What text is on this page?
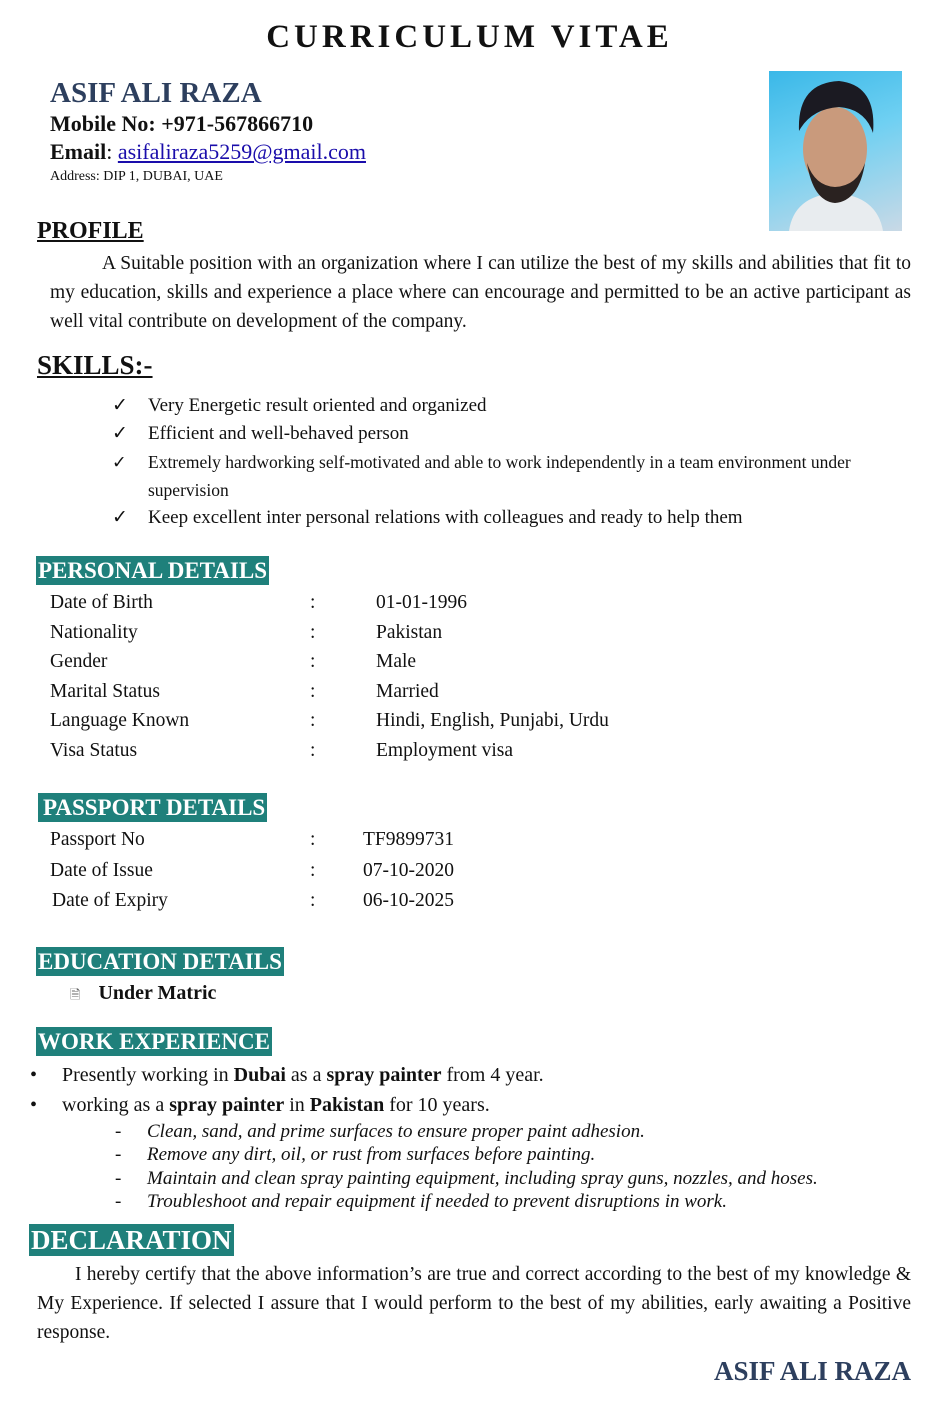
CURRICULUM VITAE
ASIF ALI RAZA
Mobile No: +971-567866710
Email: asifaliraza5259@gmail.com
Address: DIP 1, DUBAI, UAE
PROFILE
A Suitable position with an organization where I can utilize the best of my skills and abilities that fit to my education, skills and experience a place where can encourage and permitted to be an active participant as well vital contribute on development of the company.
SKILLS:-
✓	Very Energetic result oriented and organized
✓	Efficient and well-behaved person
✓	Extremely hardworking self-motivated and able to work independently in a team environment under supervision
✓	Keep excellent inter personal relations with colleagues and ready to help them
PERSONAL DETAILS
Date of Birth	:	01-01-1996
Nationality	:	Pakistan
Gender	:	Male
Marital Status	:	Married
Language Known	:	Hindi, English, Punjabi, Urdu
Visa Status	:	Employment visa
PASSPORT DETAILS
Passport No	:	TF9899731
Date of Issue	:	07-10-2020
Date of Expiry	:	06-10-2025
EDUCATION DETAILS
🗎 Under Matric
WORK EXPERIENCE
•	Presently working in Dubai as a spray painter from 4 year.
•	working as a spray painter in Pakistan for 10 years.
-	Clean, sand, and prime surfaces to ensure proper paint adhesion.
-	Remove any dirt, oil, or rust from surfaces before painting.
-	Maintain and clean spray painting equipment, including spray guns, nozzles, and hoses.
-	Troubleshoot and repair equipment if needed to prevent disruptions in work.
DECLARATION
I hereby certify that the above information’s are true and correct according to the best of my knowledge & My Experience. If selected I assure that I would perform to the best of my abilities, early awaiting a Positive response.
ASIF ALI RAZA
